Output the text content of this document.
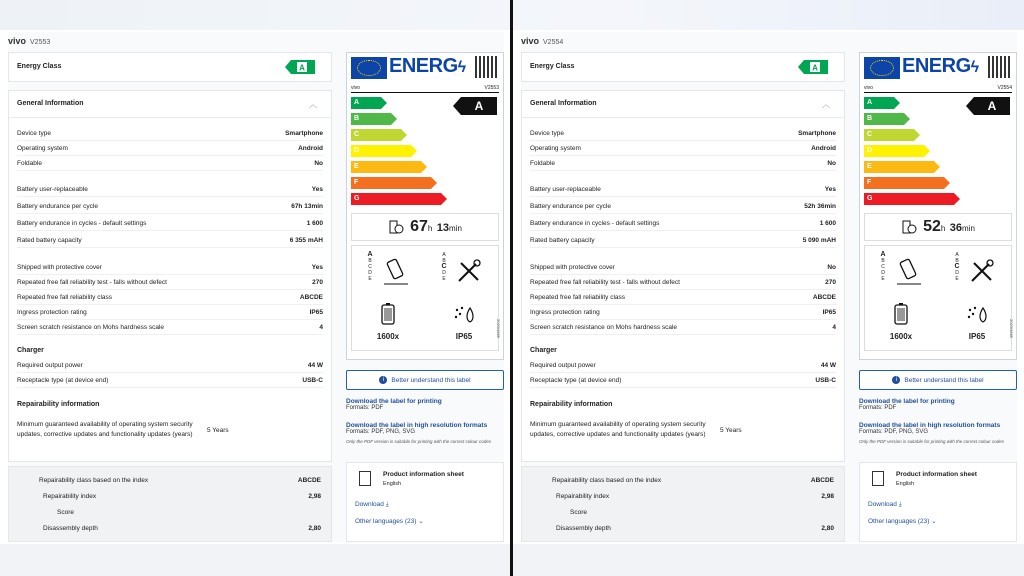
vivo V2553
Energy Class	A
General Information	︿
Device type	Smartphone
Operating system	Android
Foldable	No
Battery user-replaceable	Yes
Battery endurance per cycle	67h 13min
Battery endurance in cycles - default settings	1 600
Rated battery capacity	6 355 mAH
Shipped with protective cover	Yes
Repeated free fall reliability test - falls without defect	270
Repeated free fall reliability class	ABCDE
Ingress protection rating	IP65
Screen scratch resistance on Mohs hardness scale	4
Charger
Required output power	44 W
Receptacle type (at device end)	USB-C
Repairability information
Minimum guaranteed availability of operating system security updates, corrective updates and functionality updates (years)
5 Years
Repairability class based on the index	ABCDE
Repairability index	2,98
Score
Disassembly depth	2,80
ENERGϟ
vivo	V2553
A
B
C
D
E
F
G
A
67h 13min
A
B
C
D
E
A
B
C
D
E
1600x	IP65	2023/1669
i	Better understand this label
Download the label for printing
Formats: PDF
Download the label in high resolution formats
Formats: PDF, PNG, SVG
Only the PDF version is suitable for printing with the correct colour codes
Product information sheet
English
Download ⤓
Other languages (23) ⌄
vivo V2554
Energy Class	A
General Information	︿
Device type	Smartphone
Operating system	Android
Foldable	No
Battery user-replaceable	Yes
Battery endurance per cycle	52h 36min
Battery endurance in cycles - default settings	1 600
Rated battery capacity	5 090 mAH
Shipped with protective cover	No
Repeated free fall reliability test - falls without defect	270
Repeated free fall reliability class	ABCDE
Ingress protection rating	IP65
Screen scratch resistance on Mohs hardness scale	4
Charger
Required output power	44 W
Receptacle type (at device end)	USB-C
Repairability information
Minimum guaranteed availability of operating system security updates, corrective updates and functionality updates (years)
5 Years
Repairability class based on the index	ABCDE
Repairability index	2,98
Score
Disassembly depth	2,80
ENERGϟ
vivo	V2554
A
B
C
D
E
F
G
A
52h 36min
A
B
C
D
E
A
B
C
D
E
1600x	IP65	2023/1669
i	Better understand this label
Download the label for printing
Formats: PDF
Download the label in high resolution formats
Formats: PDF, PNG, SVG
Only the PDF version is suitable for printing with the correct colour codes
Product information sheet
English
Download ⤓
Other languages (23) ⌄
